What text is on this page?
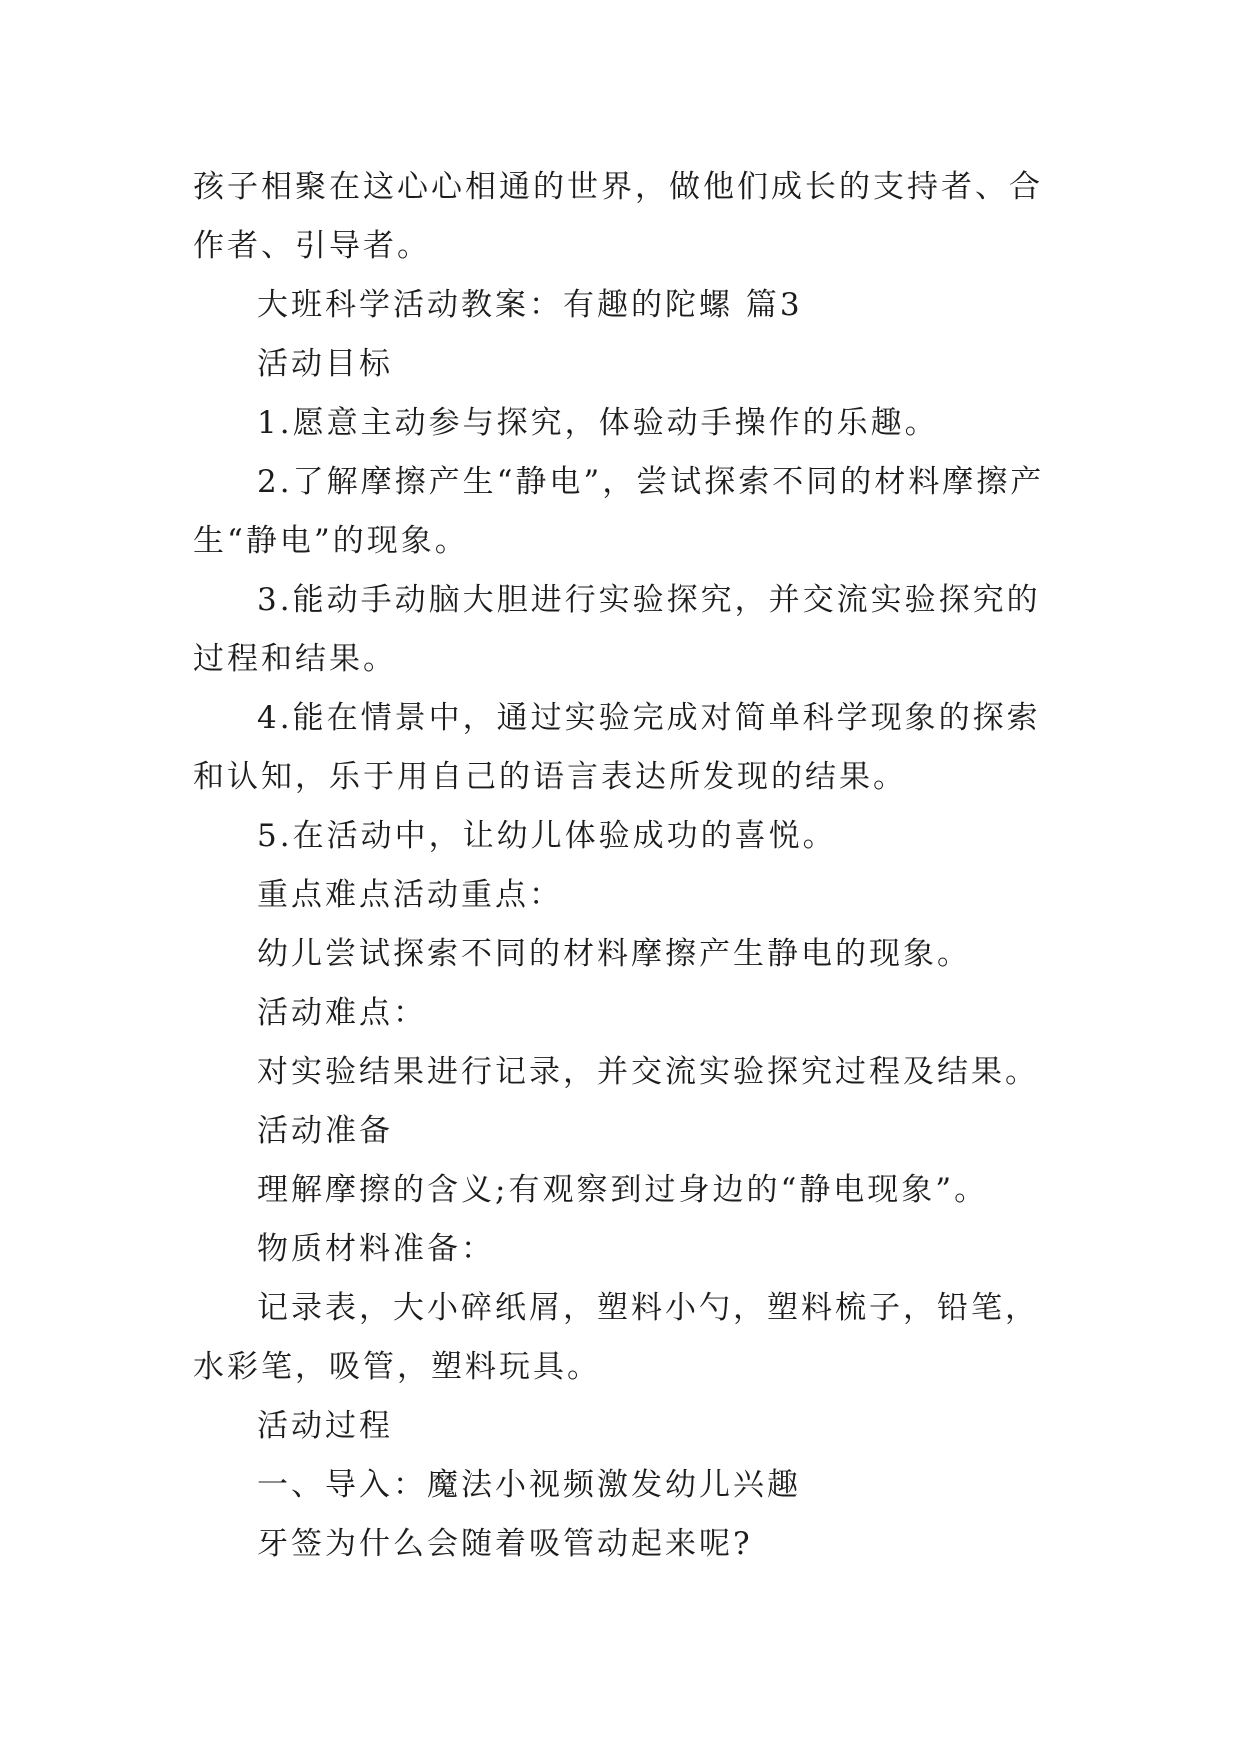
孩子相聚在这心心相通的世界，做他们成长的支持者、合作者、引导者。

大班科学活动教案：有趣的陀螺 篇3

活动目标

1.愿意主动参与探究，体验动手操作的乐趣。

2.了解摩擦产生“静电”，尝试探索不同的材料摩擦产生“静电”的现象。

3.能动手动脑大胆进行实验探究，并交流实验探究的过程和结果。

4.能在情景中，通过实验完成对简单科学现象的探索和认知，乐于用自己的语言表达所发现的结果。

5.在活动中，让幼儿体验成功的喜悦。

重点难点活动重点：

幼儿尝试探索不同的材料摩擦产生静电的现象。

活动难点：

对实验结果进行记录，并交流实验探究过程及结果。

活动准备

理解摩擦的含义;有观察到过身边的“静电现象”。

物质材料准备：

记录表，大小碎纸屑，塑料小勺，塑料梳子，铅笔，水彩笔，吸管，塑料玩具。

活动过程

一、导入：魔法小视频激发幼儿兴趣

牙签为什么会随着吸管动起来呢?
